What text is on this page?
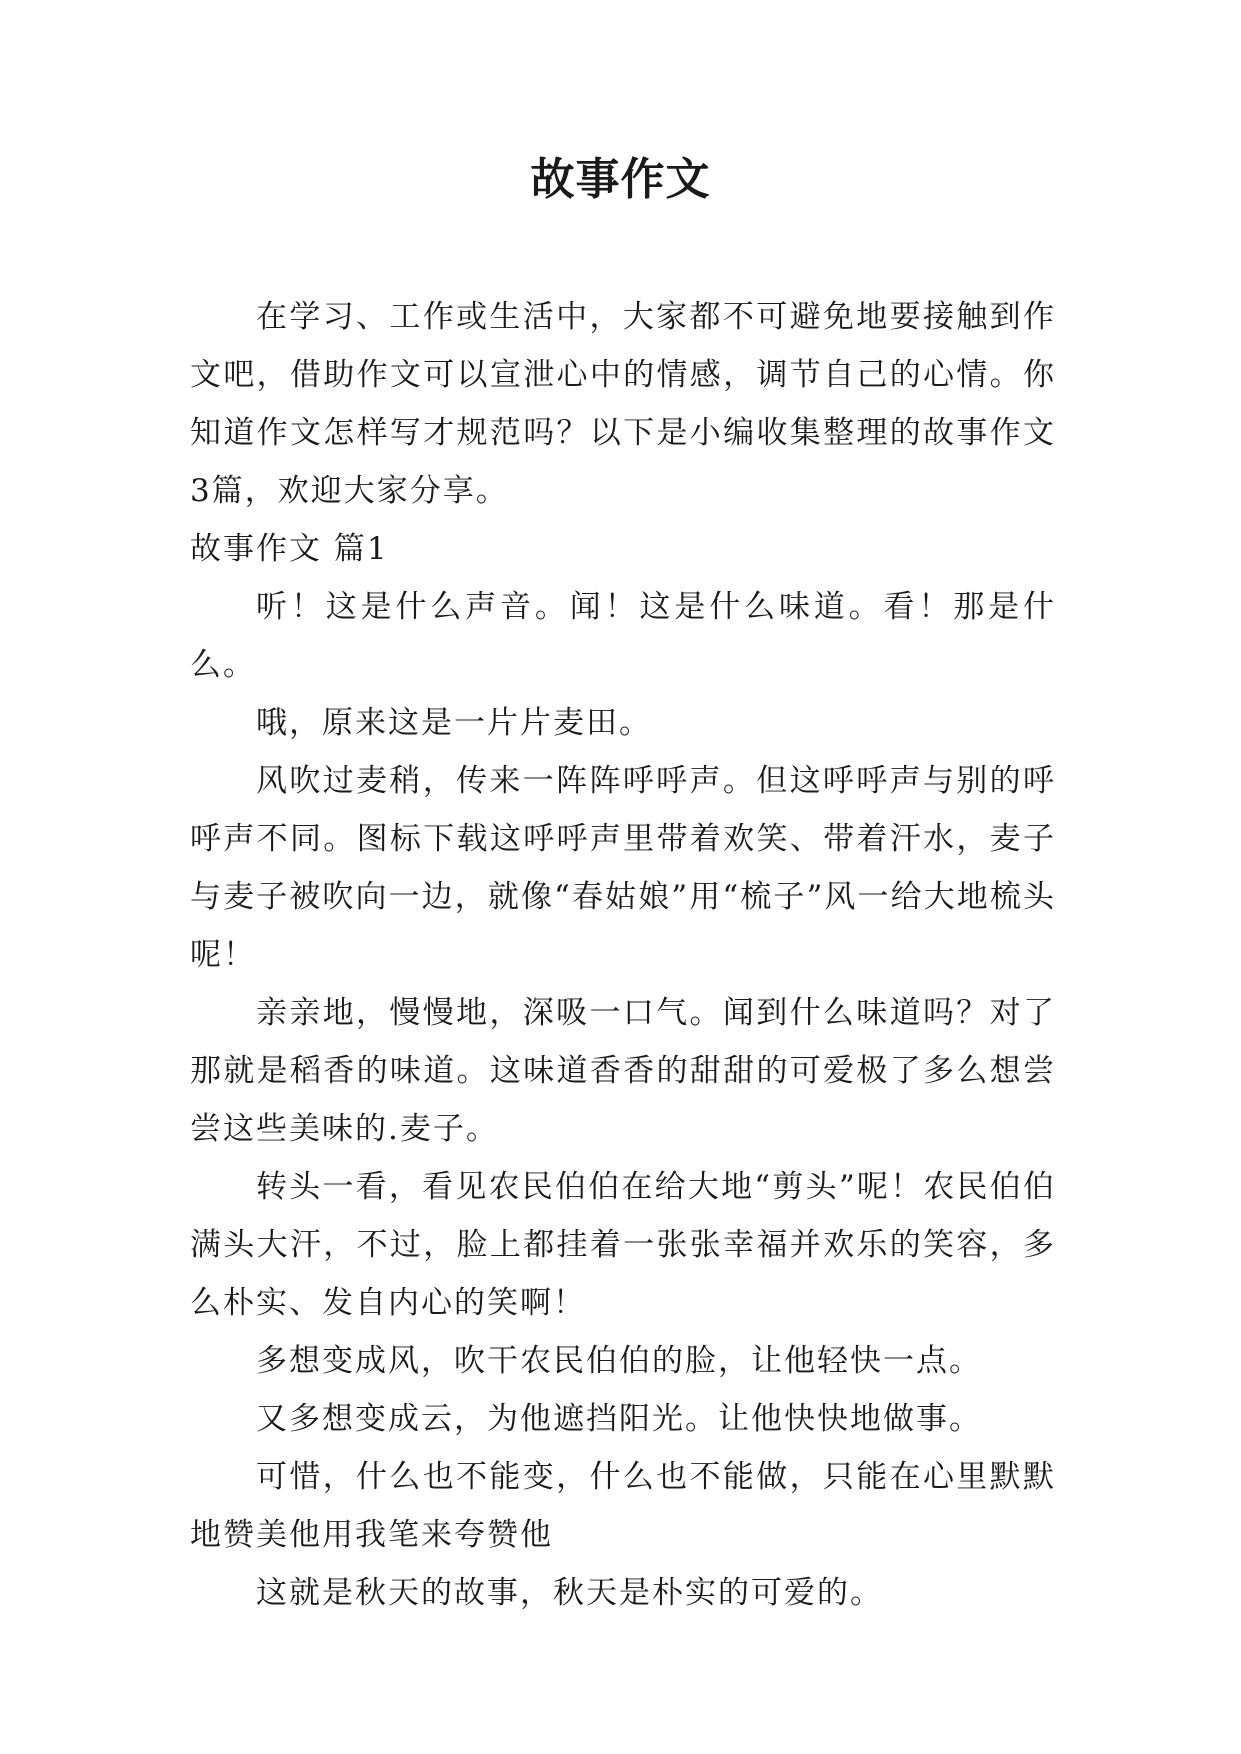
故事作文

在学习、工作或生活中，大家都不可避免地要接触到作文吧，借助作文可以宣泄心中的情感，调节自己的心情。你知道作文怎样写才规范吗？以下是小编收集整理的故事作文3篇，欢迎大家分享。

故事作文 篇1

听！这是什么声音。闻！这是什么味道。看！那是什么。

哦，原来这是一片片麦田。

风吹过麦稍，传来一阵阵呼呼声。但这呼呼声与别的呼呼声不同。图标下载这呼呼声里带着欢笑、带着汗水，麦子与麦子被吹向一边，就像“春姑娘”用“梳子”风一给大地梳头呢！

亲亲地，慢慢地，深吸一口气。闻到什么味道吗？对了那就是稻香的味道。这味道香香的甜甜的可爱极了多么想尝尝这些美味的.麦子。

转头一看，看见农民伯伯在给大地“剪头”呢！农民伯伯满头大汗，不过，脸上都挂着一张张幸福并欢乐的笑容，多么朴实、发自内心的笑啊！

多想变成风，吹干农民伯伯的脸，让他轻快一点。

又多想变成云，为他遮挡阳光。让他快快地做事。

可惜，什么也不能变，什么也不能做，只能在心里默默地赞美他用我笔来夸赞他

这就是秋天的故事，秋天是朴实的可爱的。
